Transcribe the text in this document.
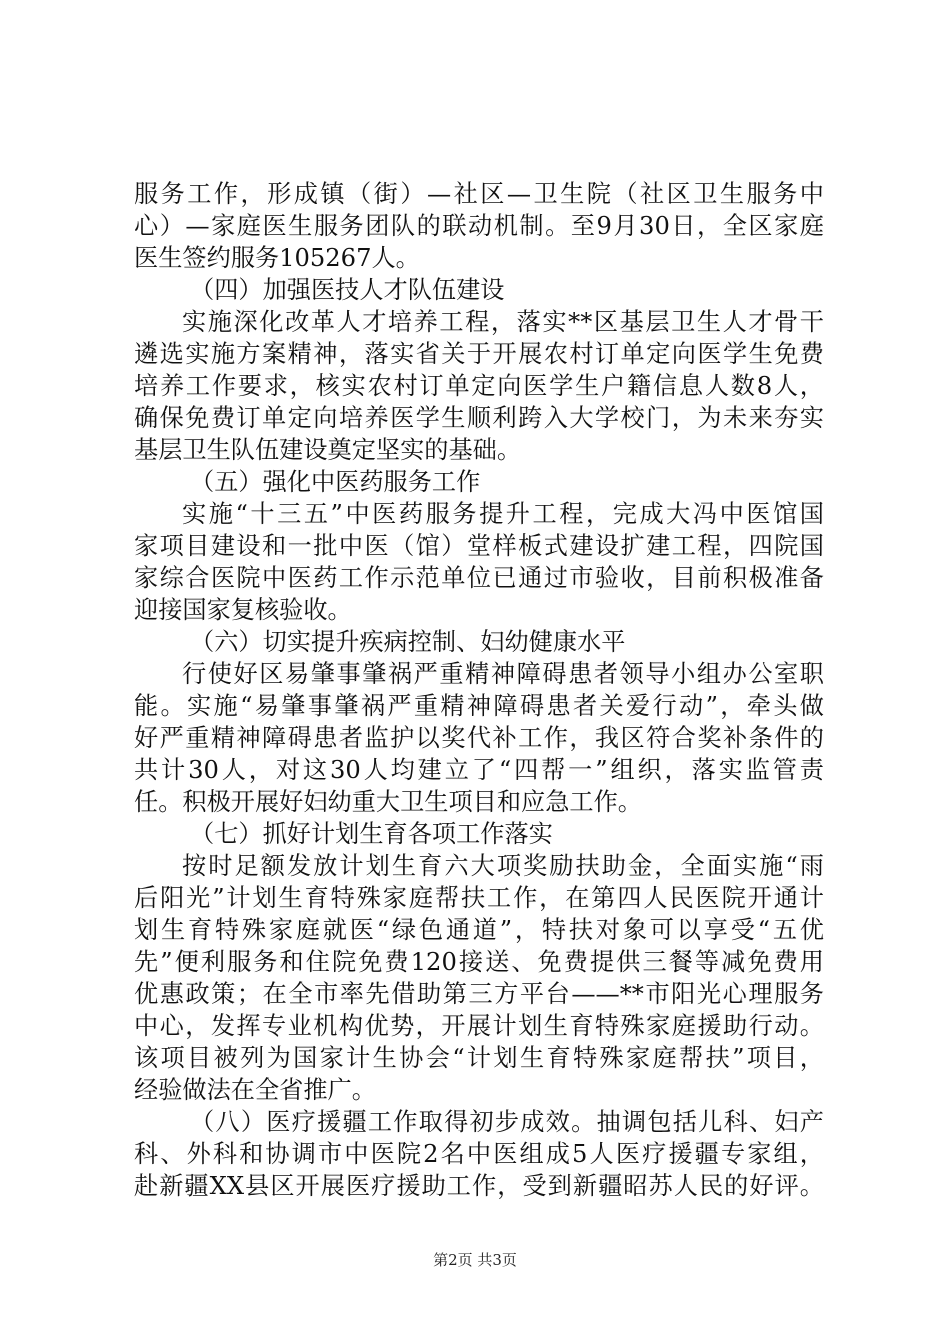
服务工作，形成镇（街）—社区—卫生院（社区卫生服务中
心）—家庭医生服务团队的联动机制。至9月30日，全区家庭
医生签约服务105267人。
（四）加强医技人才队伍建设
实施深化改革人才培养工程，落实**区基层卫生人才骨干
遴选实施方案精神，落实省关于开展农村订单定向医学生免费
培养工作要求，核实农村订单定向医学生户籍信息人数8人，
确保免费订单定向培养医学生顺利跨入大学校门，为未来夯实
基层卫生队伍建设奠定坚实的基础。
（五）强化中医药服务工作
实施“十三五”中医药服务提升工程，完成大冯中医馆国
家项目建设和一批中医（馆）堂样板式建设扩建工程，四院国
家综合医院中医药工作示范单位已通过市验收，目前积极准备
迎接国家复核验收。
（六）切实提升疾病控制、妇幼健康水平
行使好区易肇事肇祸严重精神障碍患者领导小组办公室职
能。实施“易肇事肇祸严重精神障碍患者关爱行动”，牵头做
好严重精神障碍患者监护以奖代补工作，我区符合奖补条件的
共计30人，对这30人均建立了“四帮一”组织，落实监管责
任。积极开展好妇幼重大卫生项目和应急工作。
（七）抓好计划生育各项工作落实
按时足额发放计划生育六大项奖励扶助金，全面实施“雨
后阳光”计划生育特殊家庭帮扶工作，在第四人民医院开通计
划生育特殊家庭就医“绿色通道”，特扶对象可以享受“五优
先”便利服务和住院免费120接送、免费提供三餐等减免费用
优惠政策；在全市率先借助第三方平台——**市阳光心理服务
中心，发挥专业机构优势，开展计划生育特殊家庭援助行动。
该项目被列为国家计生协会“计划生育特殊家庭帮扶”项目，
经验做法在全省推广。
（八）医疗援疆工作取得初步成效。抽调包括儿科、妇产
科、外科和协调市中医院2名中医组成5人医疗援疆专家组，
赴新疆XX县区开展医疗援助工作，受到新疆昭苏人民的好评。
第2页 共3页
